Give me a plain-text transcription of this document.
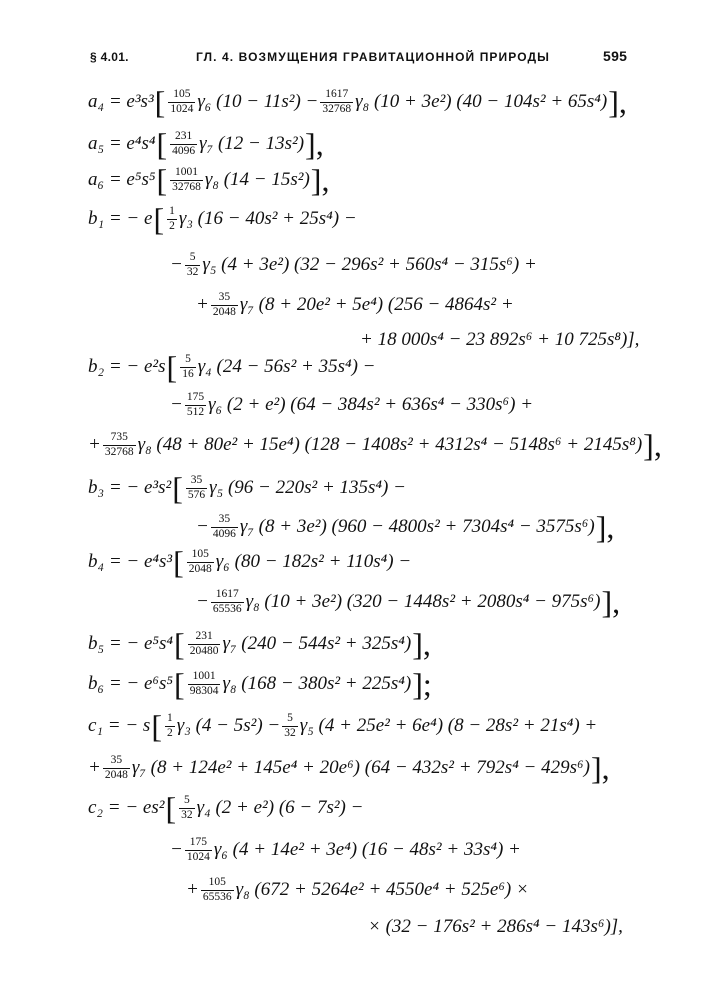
§ 4.01.	ГЛ. 4. ВОЗМУЩЕНИЯ ГРАВИТАЦИОННОЙ ПРИРОДЫ	595
a₄ = e³s³ [ $\frac{105}{1024} \gamma_6$ $(10 - 11s^2) - \frac{1617}{32768} \gamma_8$ (10 + 3e²) (40 − 104s² + 65s⁴) ],
a₅ = e⁴s⁴ [ $\frac{231}{4096} \gamma_7$ (12 − 13s²) ],
a₆ = e⁵s⁵ [ $\frac{1001}{32768} \gamma_8$ (14 − 15s²) ],
b₁ = − e [ $\frac{1}{2} \gamma_3$ (16 − 40s² + 25s⁴) −
− $\frac{5}{32} \gamma_5$ (4 + 3e²) (32 − 296s² + 560s⁴ − 315s⁶) +
+ $\frac{35}{2048} \gamma_7$ (8 + 20e² + 5e⁴) (256 − 4864s² +
+ 18 000s⁴ − 23 892s⁶ + 10 725s⁸)],
b₂ = − e²s [ $\frac{5}{16} \gamma_4$ (24 − 56s² + 35s⁴) −
− $\frac{175}{512} \gamma_6$ (2 + e²) (64 − 384s² + 636s⁴ − 330s⁶) +
+ $\frac{735}{32768} \gamma_8$ (48 + 80e² + 15e⁴) (128 − 1408s² + 4312s⁴ − 5148s⁶ + 2145s⁸) ],
b₃ = − e³s² [ $\frac{35}{576} \gamma_5$ (96 − 220s² + 135s⁴) −
− $\frac{35}{4096} \gamma_7$ (8 + 3e²) (960 − 4800s² + 7304s⁴ − 3575s⁶) ],
b₄ = − e⁴s³ [ $\frac{105}{2048} \gamma_6$ (80 − 182s² + 110s⁴) −
− $\frac{1617}{65536} \gamma_8$ (10 + 3e²) (320 − 1448s² + 2080s⁴ − 975s⁶) ],
b₅ = − e⁵s⁴ [ $\frac{231}{20480} \gamma_7$ (240 − 544s² + 325s⁴) ],
b₆ = − e⁶s⁵ [ $\frac{1001}{98304} \gamma_8$ (168 − 380s² + 225s⁴) ];
c₁ = − s [ $\frac{1}{2} \gamma_3$ $(4 - 5s^2) - \frac{5}{32} \gamma_5$ (4 + 25e² + 6e⁴) (8 − 28s² + 21s⁴) +
+ $\frac{35}{2048} \gamma_7$ (8 + 124e² + 145e⁴ + 20e⁶) (64 − 432s² + 792s⁴ − 429s⁶) ],
c₂ = − es² [ $\frac{5}{32} \gamma_4$ (2 + e²) (6 − 7s²) −
− $\frac{175}{1024} \gamma_6$ (4 + 14e² + 3e⁴) (16 − 48s² + 33s⁴) +
+ $\frac{105}{65536} \gamma_8$ (672 + 5264e² + 4550e⁴ + 525e⁶) ×
× (32 − 176s² + 286s⁴ − 143s⁶)],
